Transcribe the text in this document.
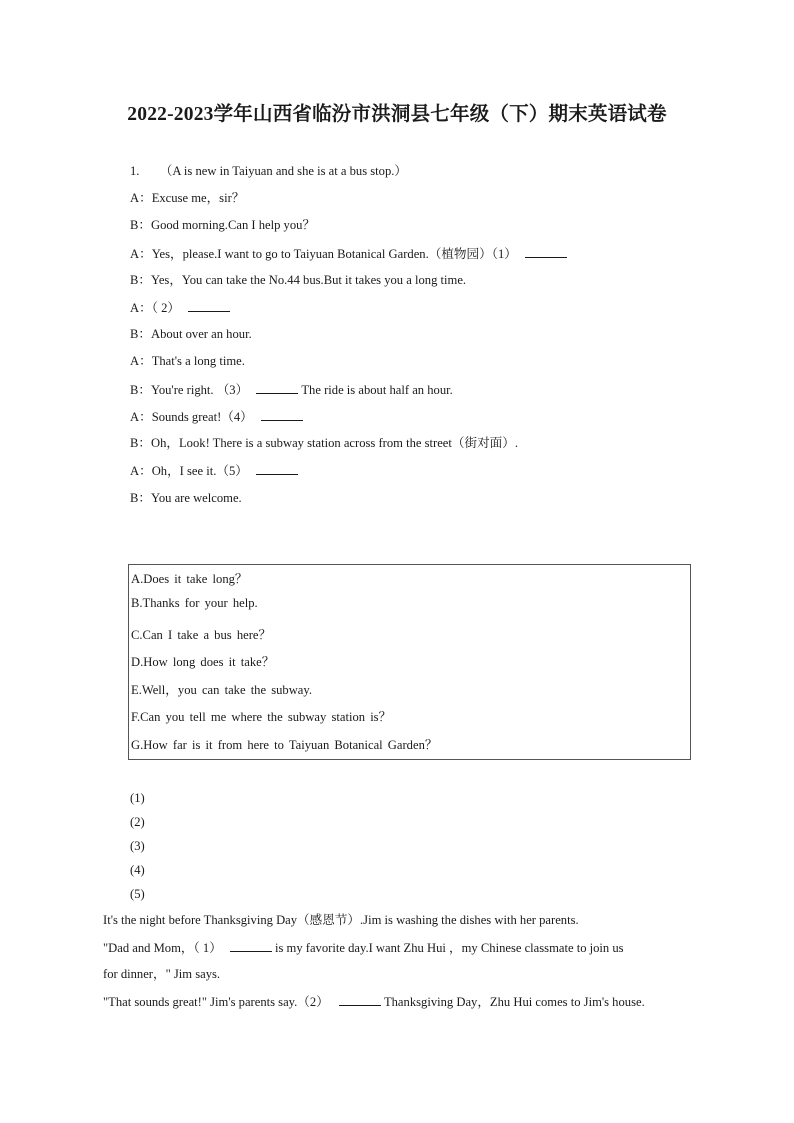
2022-2023学年山西省临汾市洪洞县七年级（下）期末英语试卷
1. （A is new in Taiyuan and she is at a bus stop.）
A：Excuse me，sir？
B：Good morning.Can I help you？
A：Yes，please.I want to go to Taiyuan Botanical Garden.（植物园）（1）
B：Yes，You can take the No.44 bus.But it takes you a long time.
A：（ 2）
B：About over an hour.
A：That's a long time.
B：You're right. （3）	The ride is about half an hour.
A：Sounds great!（4）
B：Oh，Look! There is a subway station across from the street（街对面）.
A：Oh，I see it.（5）
B：You are welcome.
A.Does it take long？
B.Thanks for your help.
C.Can I take a bus here？
D.How long does it take？
E.Well，you can take the subway.
F.Can you tell me where the subway station is？
G.How far is it from here to Taiyuan Botanical Garden？
(1)
(2)
(3)
(4)
(5)
It's the night before Thanksgiving Day（感恩节）.Jim is washing the dishes with her parents.
"Dad and Mom，（ 1）	is my favorite day.I want Zhu Hui ，my Chinese classmate to join us
for dinner，" Jim says.
"That sounds great!" Jim's parents say.（2）	Thanksgiving Day，Zhu Hui comes to Jim's house.
